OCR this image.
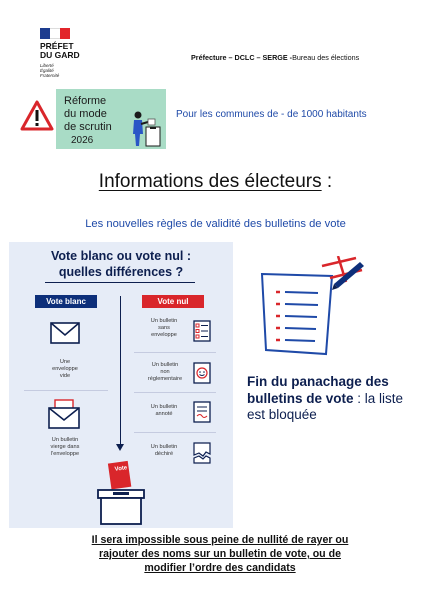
PRÉFET
DU GARD
Liberté
Égalité
Fraternité
Préfecture – DCLC – SERGE -Bureau des élections
Réforme
du mode
de scrutin
2026
Pour les communes de - de 1000 habitants
Informations des électeurs :
Les nouvelles règles de validité des bulletins de vote
Vote blanc ou vote nul :
quelles différences ?
Vote blanc	Vote nul
Une
enveloppe
vide
Un bulletin
vierge dans
l'enveloppe
Un bulletin
sans
enveloppe
Un bulletin
non
réglementaire
Un bulletin
annoté
Un bulletin
déchiré
Vote
Fin du panachage des bulletins de vote : la liste est bloquée
Il sera impossible sous peine de nullité de rayer ou
rajouter des noms sur un bulletin de vote, ou de
modifier l’ordre des candidats
